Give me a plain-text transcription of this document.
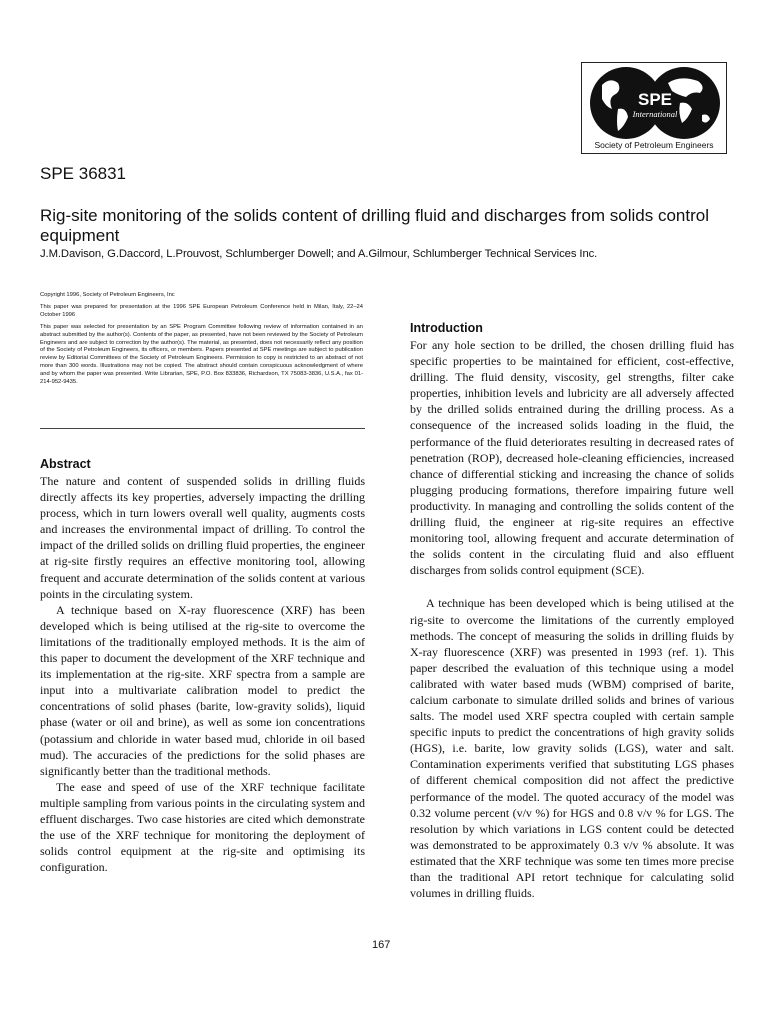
SPE
International
Society of Petroleum Engineers
SPE 36831
Rig-site monitoring of the solids content of drilling fluid and discharges from solids control equipment
J.M.Davison, G.Daccord, L.Prouvost, Schlumberger Dowell; and A.Gilmour, Schlumberger Technical Services Inc.

Copyright 1996, Society of Petroleum Engineers, Inc

This paper was prepared for presentation at the 1996 SPE European Petroleum Conference held in Milan, Italy, 22–24 October 1996

This paper was selected for presentation by an SPE Program Committee following review of information contained in an abstract submitted by the author(s). Contents of the paper, as presented, have not been reviewed by the Society of Petroleum Engineers and are subject to correction by the author(s). The material, as presented, does not necessarily reflect any position of the Society of Petroleum Engineers, its officers, or members. Papers presented at SPE meetings are subject to publication review by Editorial Committees of the Society of Petroleum Engineers. Permission to copy is restricted to an abstract of not more than 300 words. Illustrations may not be copied. The abstract should contain conspicuous acknowledgment of where and by whom the paper was presented. Write Librarian, SPE, P.O. Box 833836, Richardson, TX 75083-3836, U.S.A., fax 01-214-952-9435.

Abstract

The nature and content of suspended solids in drilling fluids directly affects its key properties, adversely impacting the drilling process, which in turn lowers overall well quality, augments costs and increases the environmental impact of drilling. To control the impact of the drilled solids on drilling fluid properties, the engineer at rig-site firstly requires an effective monitoring tool, allowing frequent and accurate determination of the solids content at various points in the circulating system.

A technique based on X-ray fluorescence (XRF) has been developed which is being utilised at the rig-site to overcome the limitations of the traditionally employed methods. It is the aim of this paper to document the development of the XRF technique and its implementation at the rig-site. XRF spectra from a sample are input into a multivariate calibration model to predict the concentrations of solid phases (barite, low-gravity solids), liquid phase (water or oil and brine), as well as some ion concentrations (potassium and chloride in water based mud, chloride in oil based mud). The accuracies of the predictions for the solid phases are significantly better than the traditional methods.

The ease and speed of use of the XRF technique facilitate multiple sampling from various points in the circulating system and effluent discharges. Two case histories are cited which demonstrate the use of the XRF technique for monitoring the deployment of solids control equipment at the rig-site and optimising its configuration.

Introduction

For any hole section to be drilled, the chosen drilling fluid has specific properties to be maintained for efficient, cost-effective, drilling. The fluid density, viscosity, gel strengths, filter cake properties, inhibition levels and lubricity are all adversely affected by the drilled solids entrained during the drilling process. As a consequence of the increased solids loading in the fluid, the performance of the fluid deteriorates resulting in decreased rates of penetration (ROP), decreased hole-cleaning efficiencies, increased chance of differential sticking and increasing the chance of solids plugging producing formations, therefore impairing future well productivity. In managing and controlling the solids content of the drilling fluid, the engineer at rig-site requires an effective monitoring tool, allowing frequent and accurate determination of the solids content in the circulating fluid and also effluent discharges from solids control equipment (SCE).

A technique has been developed which is being utilised at the rig-site to overcome the limitations of the currently employed methods. The concept of measuring the solids in drilling fluids by X-ray fluorescence (XRF) was presented in 1993 (ref. 1). This paper described the evaluation of this technique using a model calibrated with water based muds (WBM) comprised of barite, calcium carbonate to simulate drilled solids and brines of various salts. The model used XRF spectra coupled with certain sample specific inputs to predict the concentrations of high gravity solids (HGS), i.e. barite, low gravity solids (LGS), water and salt. Contamination experiments verified that substituting LGS phases of different chemical composition did not affect the predictive performance of the model. The quoted accuracy of the model was 0.32 volume percent (v/v %) for HGS and 0.8 v/v % for LGS. The resolution by which variations in LGS content could be detected was demonstrated to be approximately 0.3 v/v % absolute. It was estimated that the XRF technique was some ten times more precise than the traditional API retort technique for calculating solid volumes in drilling fluids.

167
